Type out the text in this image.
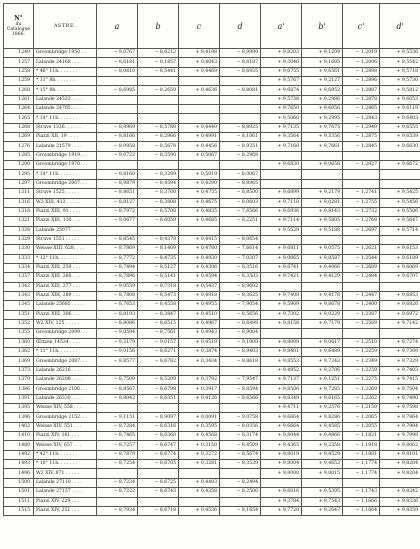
N°
du
Catalogue
1866.	ASTRE.	a	b	c	d	a'	b'	c'	d'
1249	Groombridge 1950 . .	− 9,0767	− 8,6212	+ 9,4198	− 8,9999	+ 9,8203	+ 9,1209	− 1,2019	+ 9,5536
1257	Lalande 24168 . . . .	− 8,6181	− 8,1857	+ 0,4043	− 8,8187	+ 9,3046	+ 9,1685	− 1,2006	+ 9,5542
1258	* 46° 11h. . . . . . .	− 8,0610	− 8,5441	+ 0,4469	− 8,6935	+ 9,6755	+ 9,6561	− 1,2898	+ 9,5718
1259	* 11° 8h. . . . . . .					+ 9,5767	+ 9,2127	− 1,2896	+ 9,5730
1260	* 15° 8h. . . . . . .	− 8,6985	− 8,2659	+ 0,4636	− 8,8081	+ 9,6874	+ 9,6952	− 1,2887	+ 9,5812
1261	Lalande 24522 . . . .					+ 9,5738	+ 9,2986	− 1,2878	+ 9,6053
1264	Lalande 24705 . . . .					+ 9,7650	+ 9,6056	− 1,2865	+ 9,6119
1265	* 14° 11h. . . . . . .					+ 9,5060	+ 9,2995	− 1,2843	+ 9,6403
1268	Struve 1336. . . . . .	− 8,9969	− 8,5780	+ 0,4440	− 8,8925	+ 9,7135	+ 9,7675	− 1,2940	+ 9,6555
1269	Piazzi XII, 19 . . . .	− 8,8166	− 8,2966	+ 0,4991	− 8,1061	+ 9,3564	+ 9,3356	− 1,2875	+ 9,6539
1276	Lalande 21579 . . . .	− 8,0958	− 8,5678	+ 0,4456	− 8,9351	+ 9,7168	+ 9,7661	− 1,2845	+ 9,6630
1285	Groombridge 1919. . .	− 9,0722	− 8,3590	+ 0,5067	− 8,2968				
1290	Groombridge 1970. . .					+ 9,6830	+ 9,0658	− 1,2827	+ 9,6672
1295	* 14° 11h. . . . . . .	− 8,8160	− 8,3289	+ 0,5019	− 8,0067				
1297	Groombridge 2007. . .	− 8,9879	− 8,4594	+ 0,4290	− 8,8965				
1311	Struve 1525 . . . . .	− 8,8651	− 8,3700	+ 0,4755	− 8,8500	+ 9,6899	+ 9,2179	− 1,2741	+ 9,5425
1316	W2 XIII, 413 . . . . .	− 8,8127	− 8,3808	+ 0,4675	− 8,0603	+ 9,7118	+ 9,0281	− 1,2755	+ 9,5456
1318	Piazzi XIII, 91 . . . .	− 8,7972	− 8,5708	+ 0,4835	− 7,6566	+ 9,6936	+ 9,8143	− 1,2732	+ 9,5506
1321	Piazzi XIII, 130 . . .	− 9,0677	− 8,6059	+ 0,4685	− 8,2251	+ 9,7114	+ 9,5805	− 1,2768	+ 9,5647
1328	Lalande 25077 . . . .					+ 9,5529	+ 9,5188	− 1,2697	+ 9,5714
1329	Struve 1551 . . . . .	− 8,8545	− 8,4378	+ 0,4415	− 8,0654				
1330	Weisse XIII, 628. . . .	− 8,7869	− 8,1409	+ 0,4780	− 7,6614	+ 9,6811	+ 9,0575	− 1,2621	+ 9,6153
1333	* 12° 11h. . . . . . .	− 8,7772	− 8,4735	+ 0,4930	− 7,0207	+ 9,0065	+ 9,8587	− 1,2544	+ 9,6189
1334	Piazzi XIII, 259 . . .	− 8,7494	− 8,5127	+ 0,4306	− 8,3516	+ 9,6741	+ 9,4066	− 1,2609	+ 9,6069
1337	Piazzi XIII, 260 . . .	− 8,7896	− 8,5141	+ 0,4594	− 8,3503	+ 9,7421	+ 9,4129	− 1,2484	+ 9,6707
1342	Piazzi XIII, 277 . . .	− 9,0559	− 8,7318	+ 0,5437	− 8,9602				
1343	Piazzi XIII, 289 . . .	− 8,7808	− 8,5473	+ 0,4918	− 8,3625	+ 9,7408	+ 9,4178	− 1,2447	+ 9,6853
1345	Lalande 25685 . . . .	− 8,7653	− 8,4558	+ 0,4955	− 7,9054	+ 9,5909	+ 9,8678	− 1,2400	+ 9,6826
1351	Piazzi XIII, 306 . . .	− 8,8193	− 8,3847	+ 0,4510	− 8,5656	+ 9,7302	+ 9,0229	− 1,2387	+ 9,6972
1352	W2 XIV, 125 . . . . .	− 8,8086	− 8,6515	+ 0,4967	− 8,6499	+ 9,8158	+ 9,7179	− 1,2569	+ 9,7142
1355	Groombridge 2099. . .	− 9,0594	− 8,7561	+ 0,4943	− 8,9004				
1360	Œltzen 14534 . . . .	− 9,2179	− 9,0157	+ 0,4519	− 9,1909	+ 9,8009	+ 9,0617	− 1,2510	+ 9,7274
1362	* 11° 11h. . . . . . .	− 9,0156	− 8,6271	+ 0,3874	− 8,9403	+ 9,8401	+ 9,6489	− 1,2259	+ 9,7309
1369	Groombridge 2087. . .	− 8,8577	− 8,6782	+ 0,3434	− 8,8618	+ 9,8553	+ 9,7242	− 1,2349	+ 9,7329
1373	Lalande 26216 . . . .					+ 9,4952	+ 9,2706	− 1,2259	+ 9,7403
1379	Lalande 26208 . . . .	− 8,7509	− 8,5209	+ 0,3792	− 7,9547	+ 9,7137	+ 9,1251	− 1,2275	+ 9,7415
1386	Groombridge 2106. . .	− 8,8567	− 8,6798	+ 0,3917	− 8,8594	+ 9,8506	+ 9,7285	− 1,2269	+ 9,7504
1391	Lalande 26330 . . . .	− 8,8042	− 8,6351	+ 0,4126	− 8,6566	+ 9,8349	+ 9,6165	− 1,2262	+ 9,7490
1395	Weisse XIV, 558 . . .					+ 9,4711	+ 9,2576	− 1,2150	+ 9,7598
1396	Groombridge 2152. . .	− 9,1151	− 8,9097	+ 0,0091	− 9,0758	+ 9,6664	+ 9,8286	− 1,2065	+ 9,7864
1402	Weisse XIV, 551 . . .	− 8,7284	− 8,6316	+ 0,3595	− 8,0356	+ 9,6664	+ 9,4585	− 1,2055	+ 9,7984
1410	Piazzi XIV, 161 . . .	− 8,7465	− 8,6360	+ 0,4568	− 8,3174	+ 9,8044	+ 9,4866	− 1,1821	+ 9,7998
1480	Weisse XIV, 657 . . .	− 8,7257	− 8,6747	+ 0,3150	− 8,4509	+ 9,4365	+ 9,2358	− 1,1918	+ 9,8062
1492	* 42° 11h. . . . . . .	− 8,7879	− 8,6774	+ 0,3272	− 8,5674	+ 9,8019	+ 9,4529	− 1,1881	+ 9,8101
1493	* 10° 11h. . . . . . .	− 8,7254	− 8,6705	+ 0,3281	− 8,3539	+ 9,8004	+ 9,4652	− 1,1774	+ 9,8204
1496	W2 XIV, 871 . . . . .					+ 9,8000	+ 9,0015	− 1,1774	+ 9,8204
1500	Lalande 27110 . . . .	− 8,7234	− 8,6725	+ 0,4483	− 8,2494				
1501	Lalande 27157 . . . .	− 8,7222	− 8,6743	+ 0,4358	− 8,2500	+ 9,6016	+ 9,5395	− 1,1743	+ 9,8242
1511	Piazzi XIV, 229 . . .					+ 9,3784	+ 9,7543	− 1,1666	+ 9,8336
1515	Piazzi XIV, 251 . . .	− 8,7934	− 8,6718	+ 0,4536	− 8,1654	+ 9,7720	+ 9,2647	− 1,1664	+ 9,8359
